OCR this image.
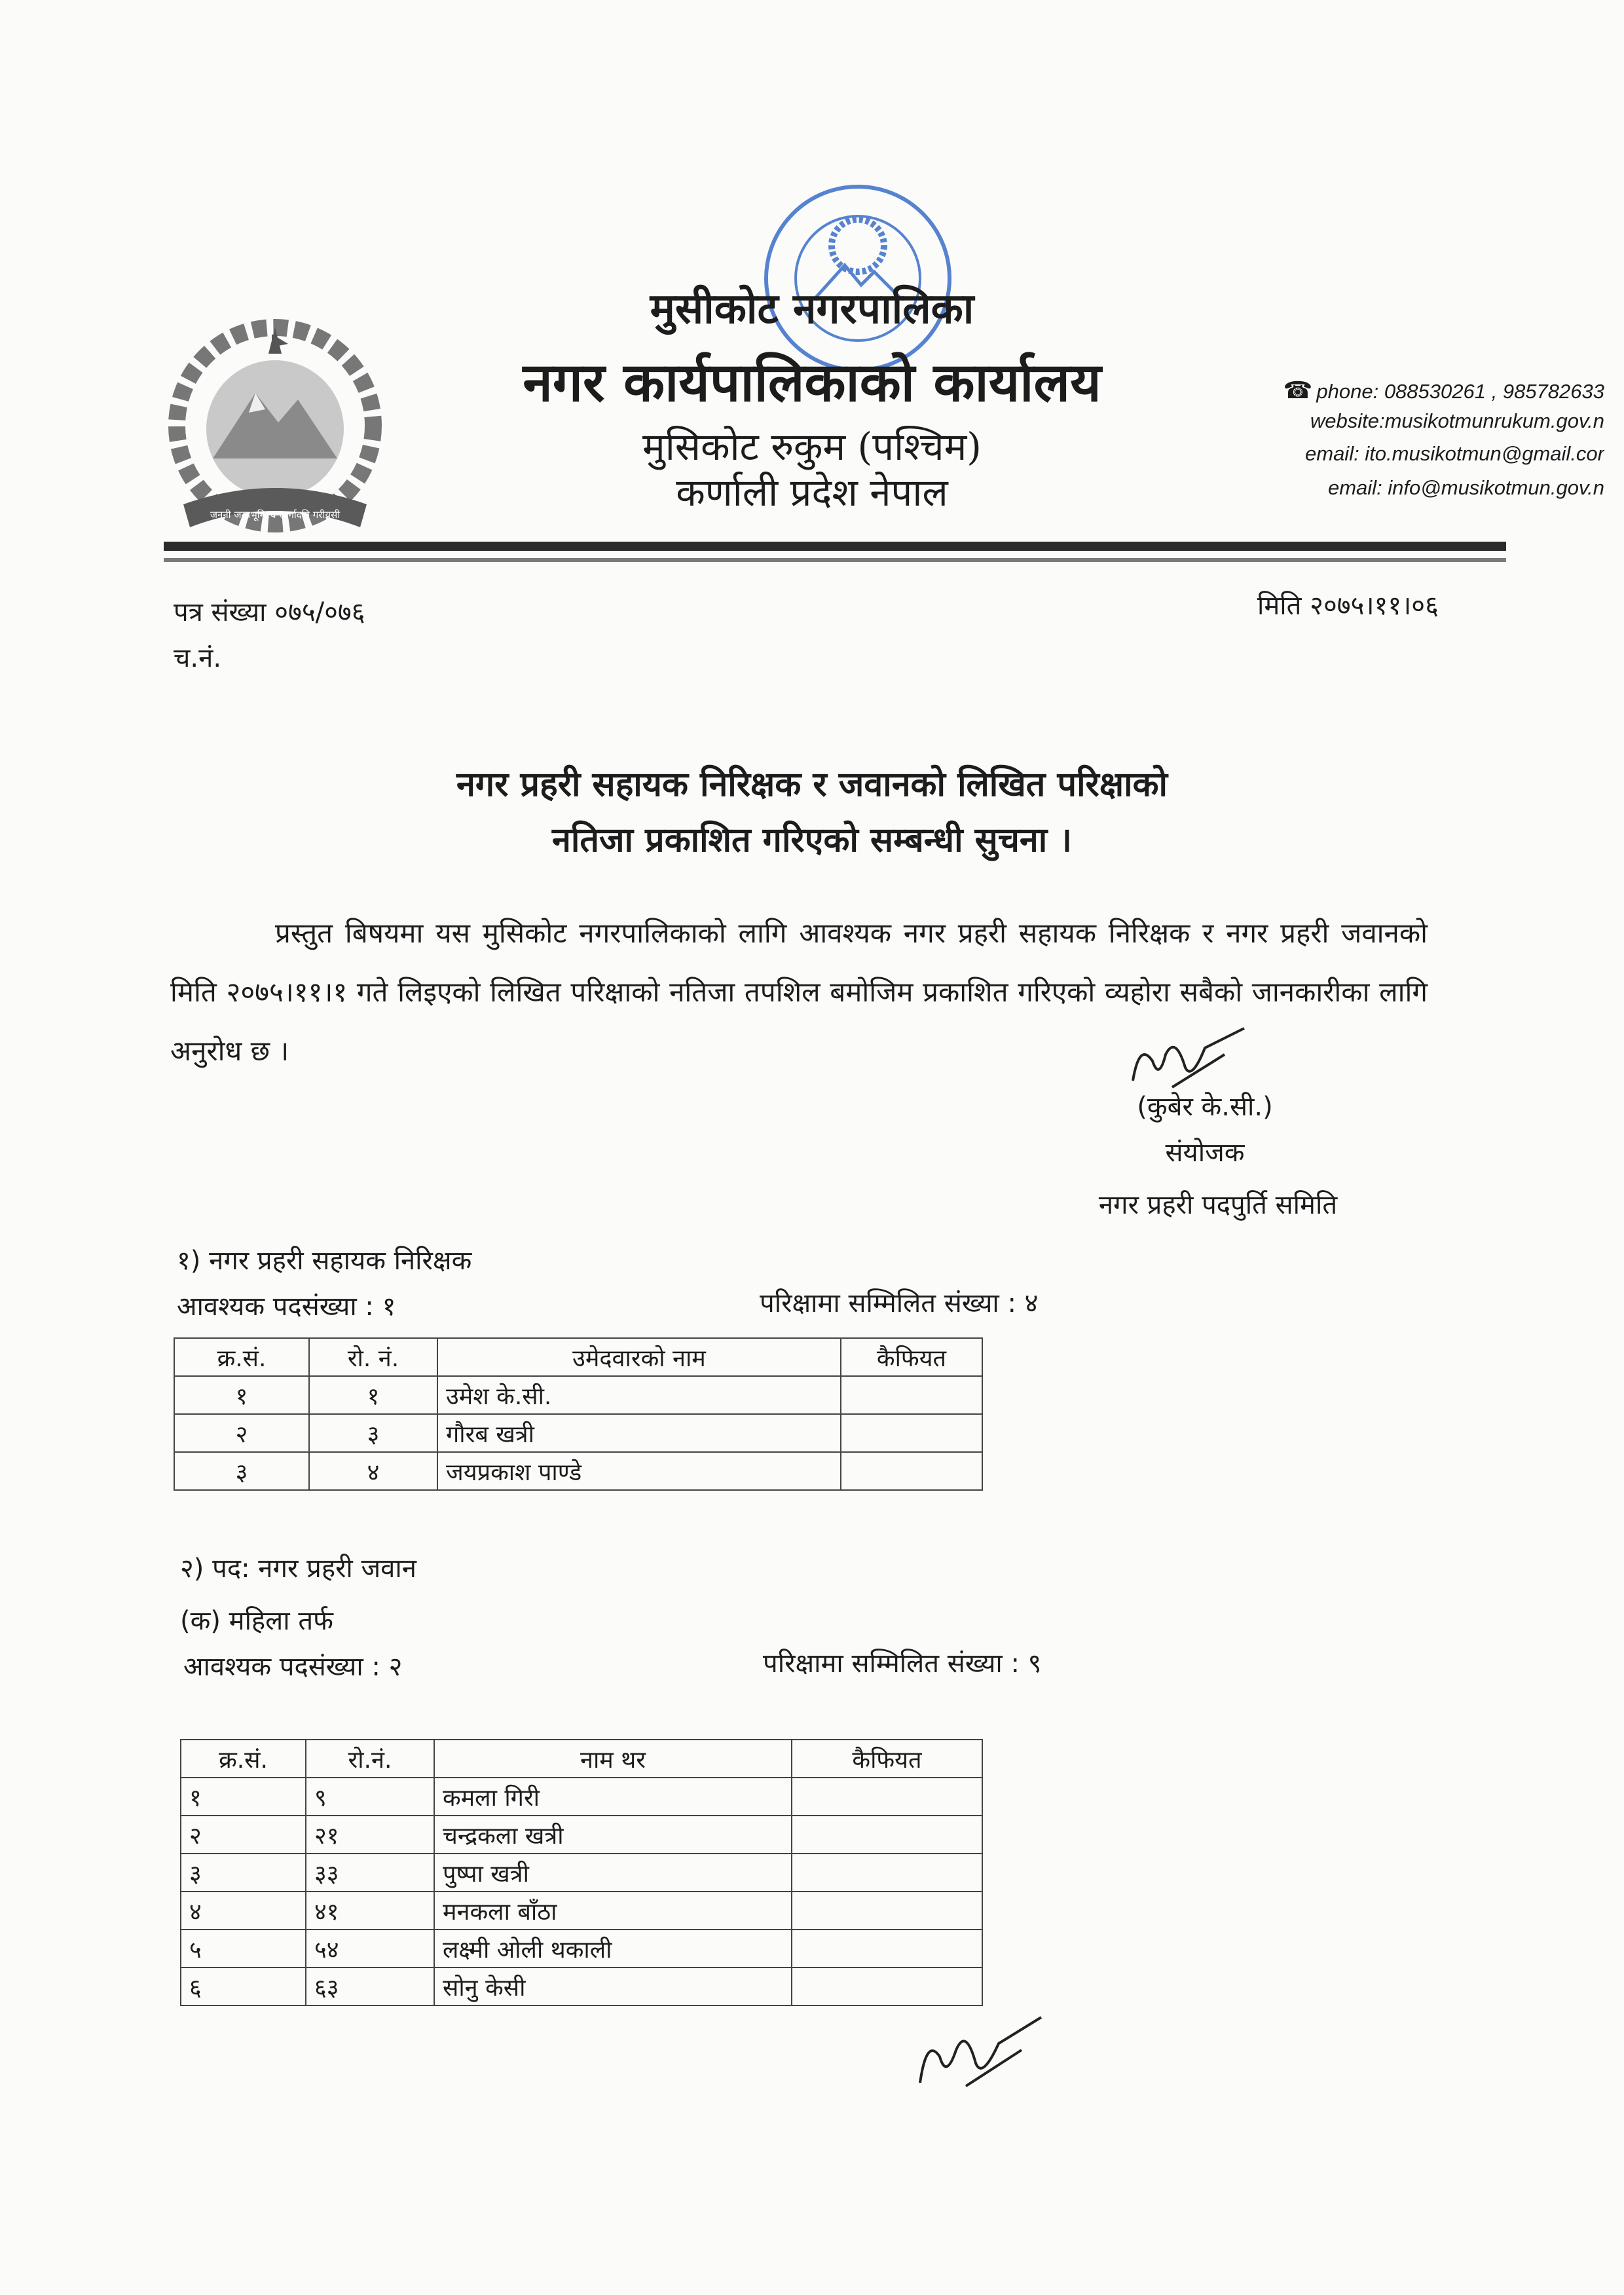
जननी जन्मभूमिश्च स्वर्गादपि गरीयसी
मुसीकोट नगरपालिका
नगर कार्यपालिकाको कार्यालय
मुसिकोट रुकुम (पश्चिम)
कर्णाली प्रदेश नेपाल
☎ phone: 088530261 , 985782633
website:musikotmunrukum.gov.n
email: ito.musikotmun@gmail.cor
email: info@musikotmun.gov.n
पत्र संख्या ०७५/०७६
च.नं.
मिति २०७५।११।०६
नगर प्रहरी सहायक निरिक्षक र जवानको लिखित परिक्षाको
नतिजा प्रकाशित गरिएको सम्बन्धी सुचना ।
प्रस्तुत बिषयमा यस मुसिकोट नगरपालिकाको लागि आवश्यक नगर प्रहरी सहायक निरिक्षक र नगर प्रहरी जवानको मिति २०७५।११।१ गते लिइएको लिखित परिक्षाको नतिजा तपशिल बमोजिम प्रकाशित गरिएको व्यहोरा सबैको जानकारीका लागि अनुरोध छ ।
(कुबेर के.सी.)
संयोजक
नगर प्रहरी पदपुर्ति समिति
१) नगर प्रहरी सहायक निरिक्षक
आवश्यक पदसंख्या : १	परिक्षामा सम्मिलित संख्या : ४
क्र.सं.	रो. नं.	उमेदवारको नाम	कैफियत
१	१	उमेश के.सी.	
२	३	गौरब खत्री	
३	४	जयप्रकाश पाण्डे	
२) पद: नगर प्रहरी जवान
(क) महिला तर्फ
आवश्यक पदसंख्या : २	परिक्षामा सम्मिलित संख्या : ९
क्र.सं.	रो.नं.	नाम थर	कैफियत
१	९	कमला गिरी	
२	२१	चन्द्रकला खत्री	
३	३३	पुष्पा खत्री	
४	४१	मनकला बाँठा	
५	५४	लक्ष्मी ओली थकाली	
६	६३	सोनु केसी	
